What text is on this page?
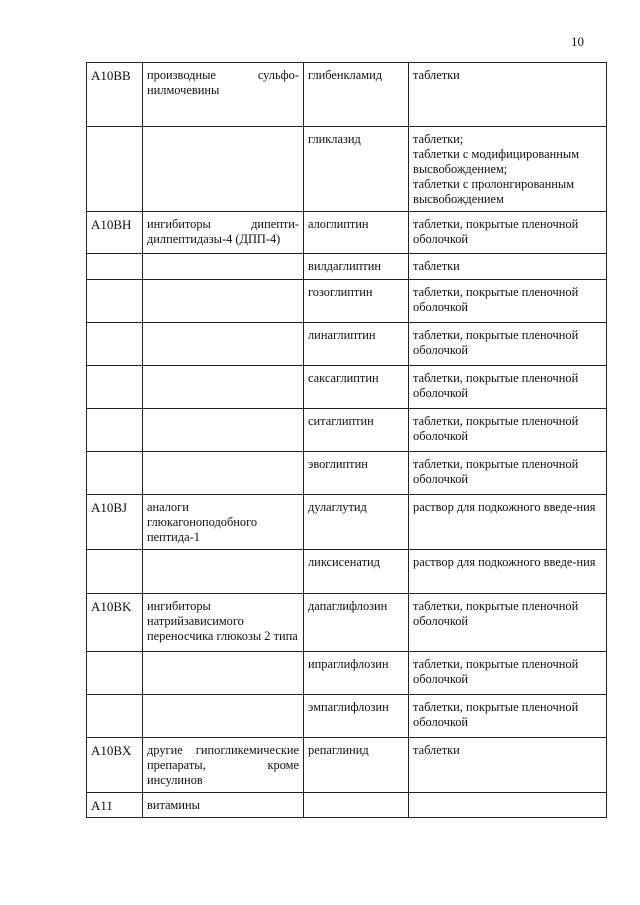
10
A10BB	производные сульфо-нилмочевины	глибенкламид	таблетки

		гликлазид	таблетки;
таблетки с модифицированным высвобождением;
таблетки с пролонгированным высвобождением

A10BH	ингибиторы дипепти-дилпептидазы-4 (ДПП-4)	алоглиптин	таблетки, покрытые пленочной оболочкой

		вилдаглиптин	таблетки

		гозоглиптин	таблетки, покрытые пленочной оболочкой

		линаглиптин	таблетки, покрытые пленочной оболочкой

		саксаглиптин	таблетки, покрытые пленочной оболочкой

		ситаглиптин	таблетки, покрытые пленочной оболочкой

		эвоглиптин	таблетки, покрытые пленочной оболочкой

A10BJ	аналоги глюкагоноподобного пептида-1	дулаглутид	раствор для подкожного введе-ния

		ликсисенатид	раствор для подкожного введе-ния

A10BK	ингибиторы натрийзависимого переносчика глюкозы 2 типа	дапаглифлозин	таблетки, покрытые пленочной оболочкой

		ипраглифлозин	таблетки, покрытые пленочной оболочкой

		эмпаглифлозин	таблетки, покрытые пленочной оболочкой

A10BX	другие гипогликемические препараты, кроме инсулинов	репаглинид	таблетки

A11	витамины		
